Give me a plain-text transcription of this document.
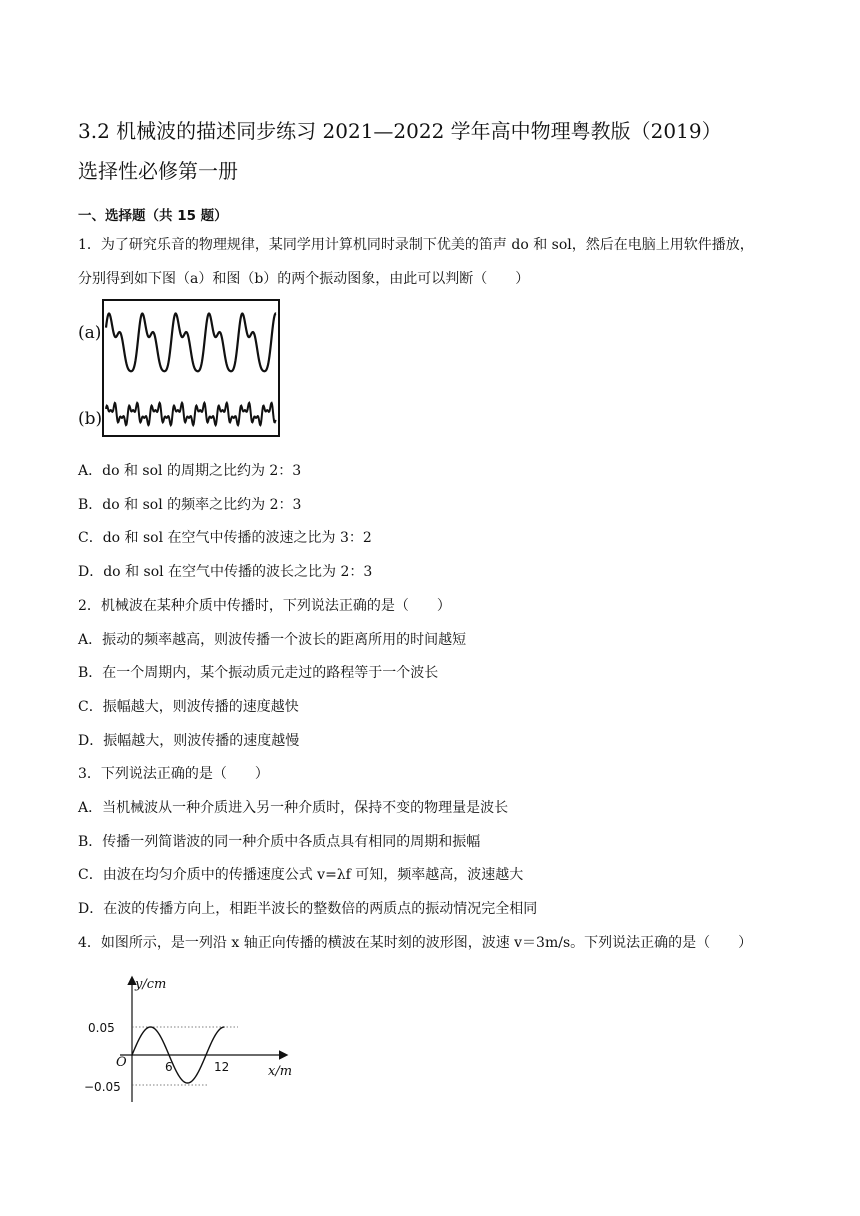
3.2 机械波的描述同步练习 2021—2022 学年高中物理粤教版（2019）
选择性必修第一册
一、选择题（共 15 题）
1．为了研究乐音的物理规律，某同学用计算机同时录制下优美的笛声 do 和 sol，然后在电脑上用软件播放，
分别得到如下图（a）和图（b）的两个振动图象，由此可以判断（　　）
(a)
(b)
A．do 和 sol 的周期之比约为 2：3
B．do 和 sol 的频率之比约为 2：3
C．do 和 sol 在空气中传播的波速之比为 3：2
D．do 和 sol 在空气中传播的波长之比为 2：3
2．机械波在某种介质中传播时，下列说法正确的是（　　）
A．振动的频率越高，则波传播一个波长的距离所用的时间越短
B．在一个周期内，某个振动质元走过的路程等于一个波长
C．振幅越大，则波传播的速度越快
D．振幅越大，则波传播的速度越慢
3．下列说法正确的是（　　）
A．当机械波从一种介质进入另一种介质时，保持不变的物理量是波长
B．传播一列简谐波的同一种介质中各质点具有相同的周期和振幅
C．由波在均匀介质中的传播速度公式 v=λf 可知，频率越高，波速越大
D．在波的传播方向上，相距半波长的整数倍的两质点的振动情况完全相同
4．如图所示，是一列沿 x 轴正向传播的横波在某时刻的波形图，波速 v＝3m/s。下列说法正确的是（　　）
y/cm
x/m
O
0.05
−0.05
6	12
